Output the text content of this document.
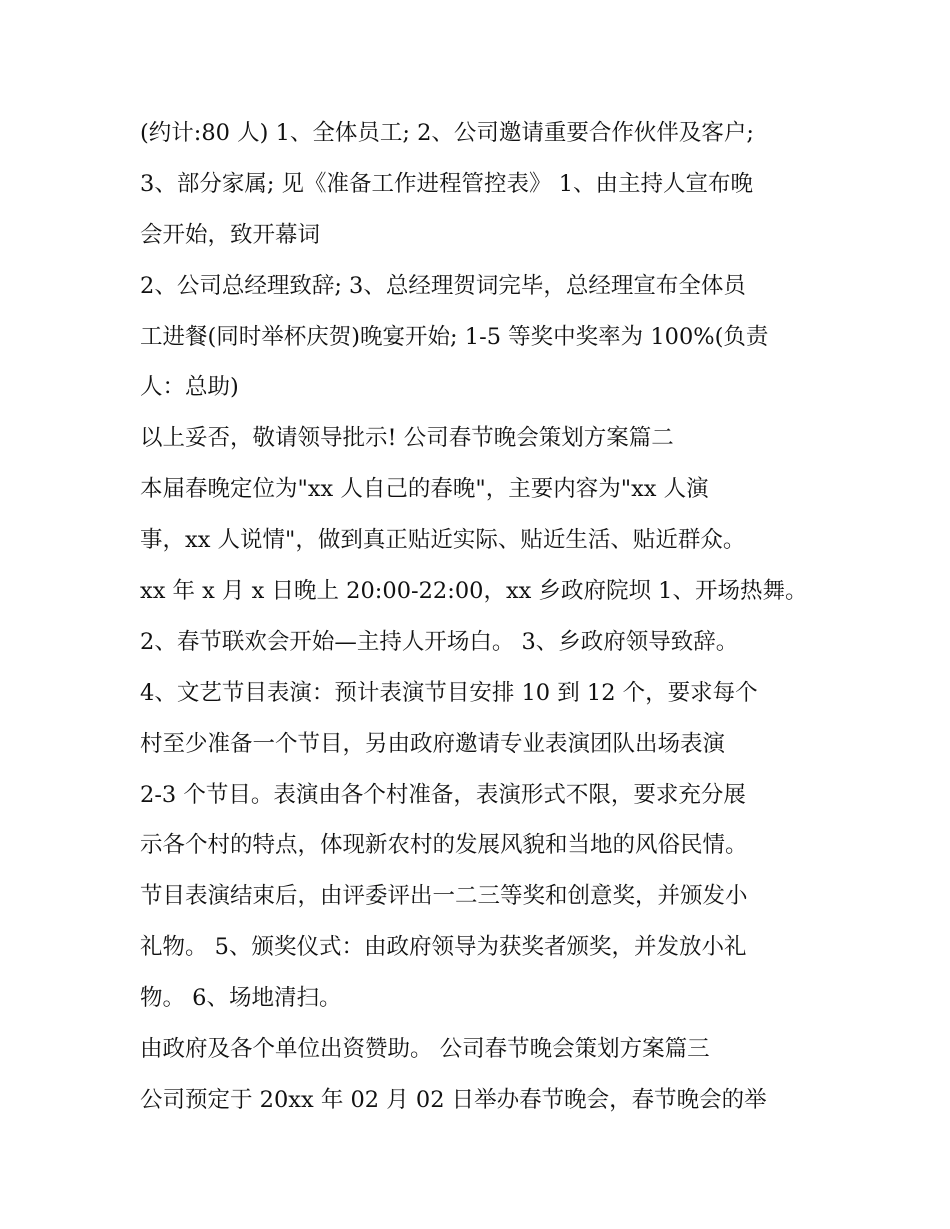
(约计:80 人) 1、全体员工; 2、公司邀请重要合作伙伴及客户;
3、部分家属; 见《准备工作进程管控表》 1、由主持人宣布晚
会开始，致开幕词
2、公司总经理致辞; 3、总经理贺词完毕，总经理宣布全体员
工进餐(同时举杯庆贺)晚宴开始; 1-5 等奖中奖率为 100%(负责
人：总助)
以上妥否，敬请领导批示! 公司春节晚会策划方案篇二
本届春晚定位为"xx 人自己的春晚"，主要内容为"xx 人演
事，xx 人说情"，做到真正贴近实际、贴近生活、贴近群众。
xx 年 x 月 x 日晚上 20:00-22:00，xx 乡政府院坝 1、开场热舞。
2、春节联欢会开始—主持人开场白。 3、乡政府领导致辞。
4、文艺节目表演：预计表演节目安排 10 到 12 个，要求每个
村至少准备一个节目，另由政府邀请专业表演团队出场表演
2-3 个节目。表演由各个村准备，表演形式不限，要求充分展
示各个村的特点，体现新农村的发展风貌和当地的风俗民情。
节目表演结束后，由评委评出一二三等奖和创意奖，并颁发小
礼物。 5、颁奖仪式：由政府领导为获奖者颁奖，并发放小礼
物。 6、场地清扫。
由政府及各个单位出资赞助。 公司春节晚会策划方案篇三
公司预定于 20xx 年 02 月 02 日举办春节晚会，春节晚会的举
